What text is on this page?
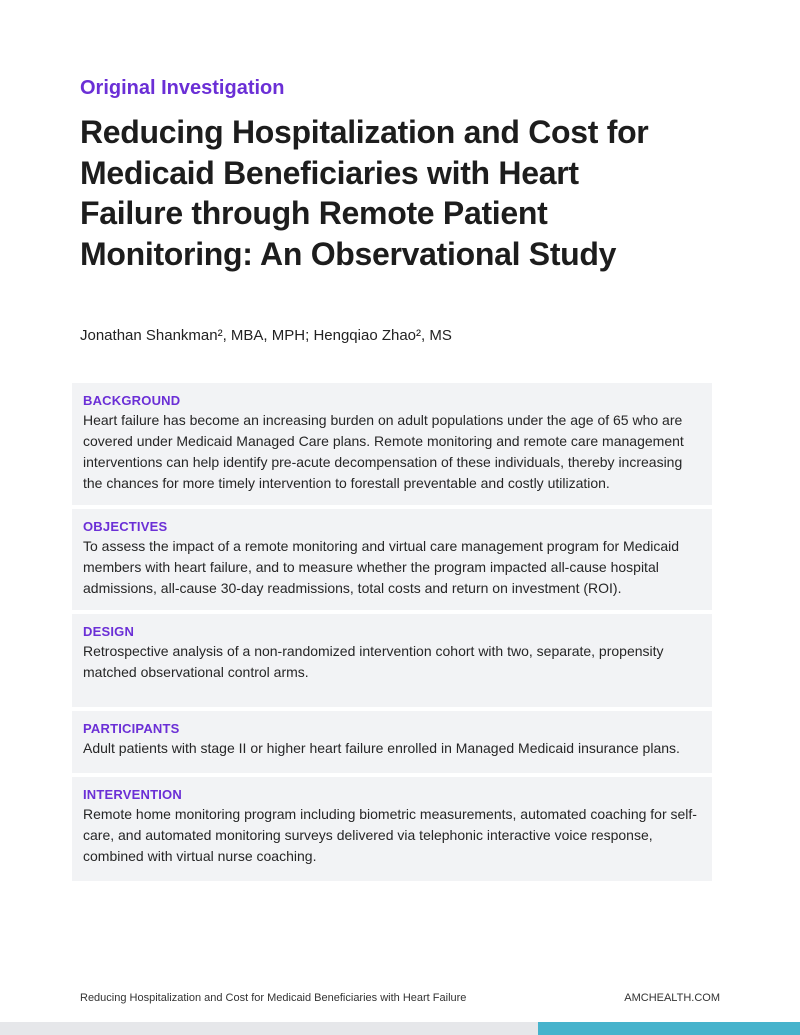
Original Investigation

Reducing Hospitalization and Cost for Medicaid Beneficiaries with Heart Failure through Remote Patient Monitoring: An Observational Study

Jonathan Shankman², MBA, MPH; Hengqiao Zhao², MS

BACKGROUND

Heart failure has become an increasing burden on adult populations under the age of 65 who are covered under Medicaid Managed Care plans. Remote monitoring and remote care management interventions can help identify pre-acute decompensation of these individuals, thereby increasing the chances for more timely intervention to forestall preventable and costly utilization.

OBJECTIVES

To assess the impact of a remote monitoring and virtual care management program for Medicaid members with heart failure, and to measure whether the program impacted all-cause hospital admissions, all-cause 30-day readmissions, total costs and return on investment (ROI).

DESIGN

Retrospective analysis of a non-randomized intervention cohort with two, separate, propensity matched observational control arms.

PARTICIPANTS

Adult patients with stage II or higher heart failure enrolled in Managed Medicaid insurance plans.

INTERVENTION

Remote home monitoring program including biometric measurements, automated coaching for self-care, and automated monitoring surveys delivered via telephonic interactive voice response, combined with virtual nurse coaching.

Reducing Hospitalization and Cost for Medicaid Beneficiaries with Heart Failure	AMCHEALTH.COM
